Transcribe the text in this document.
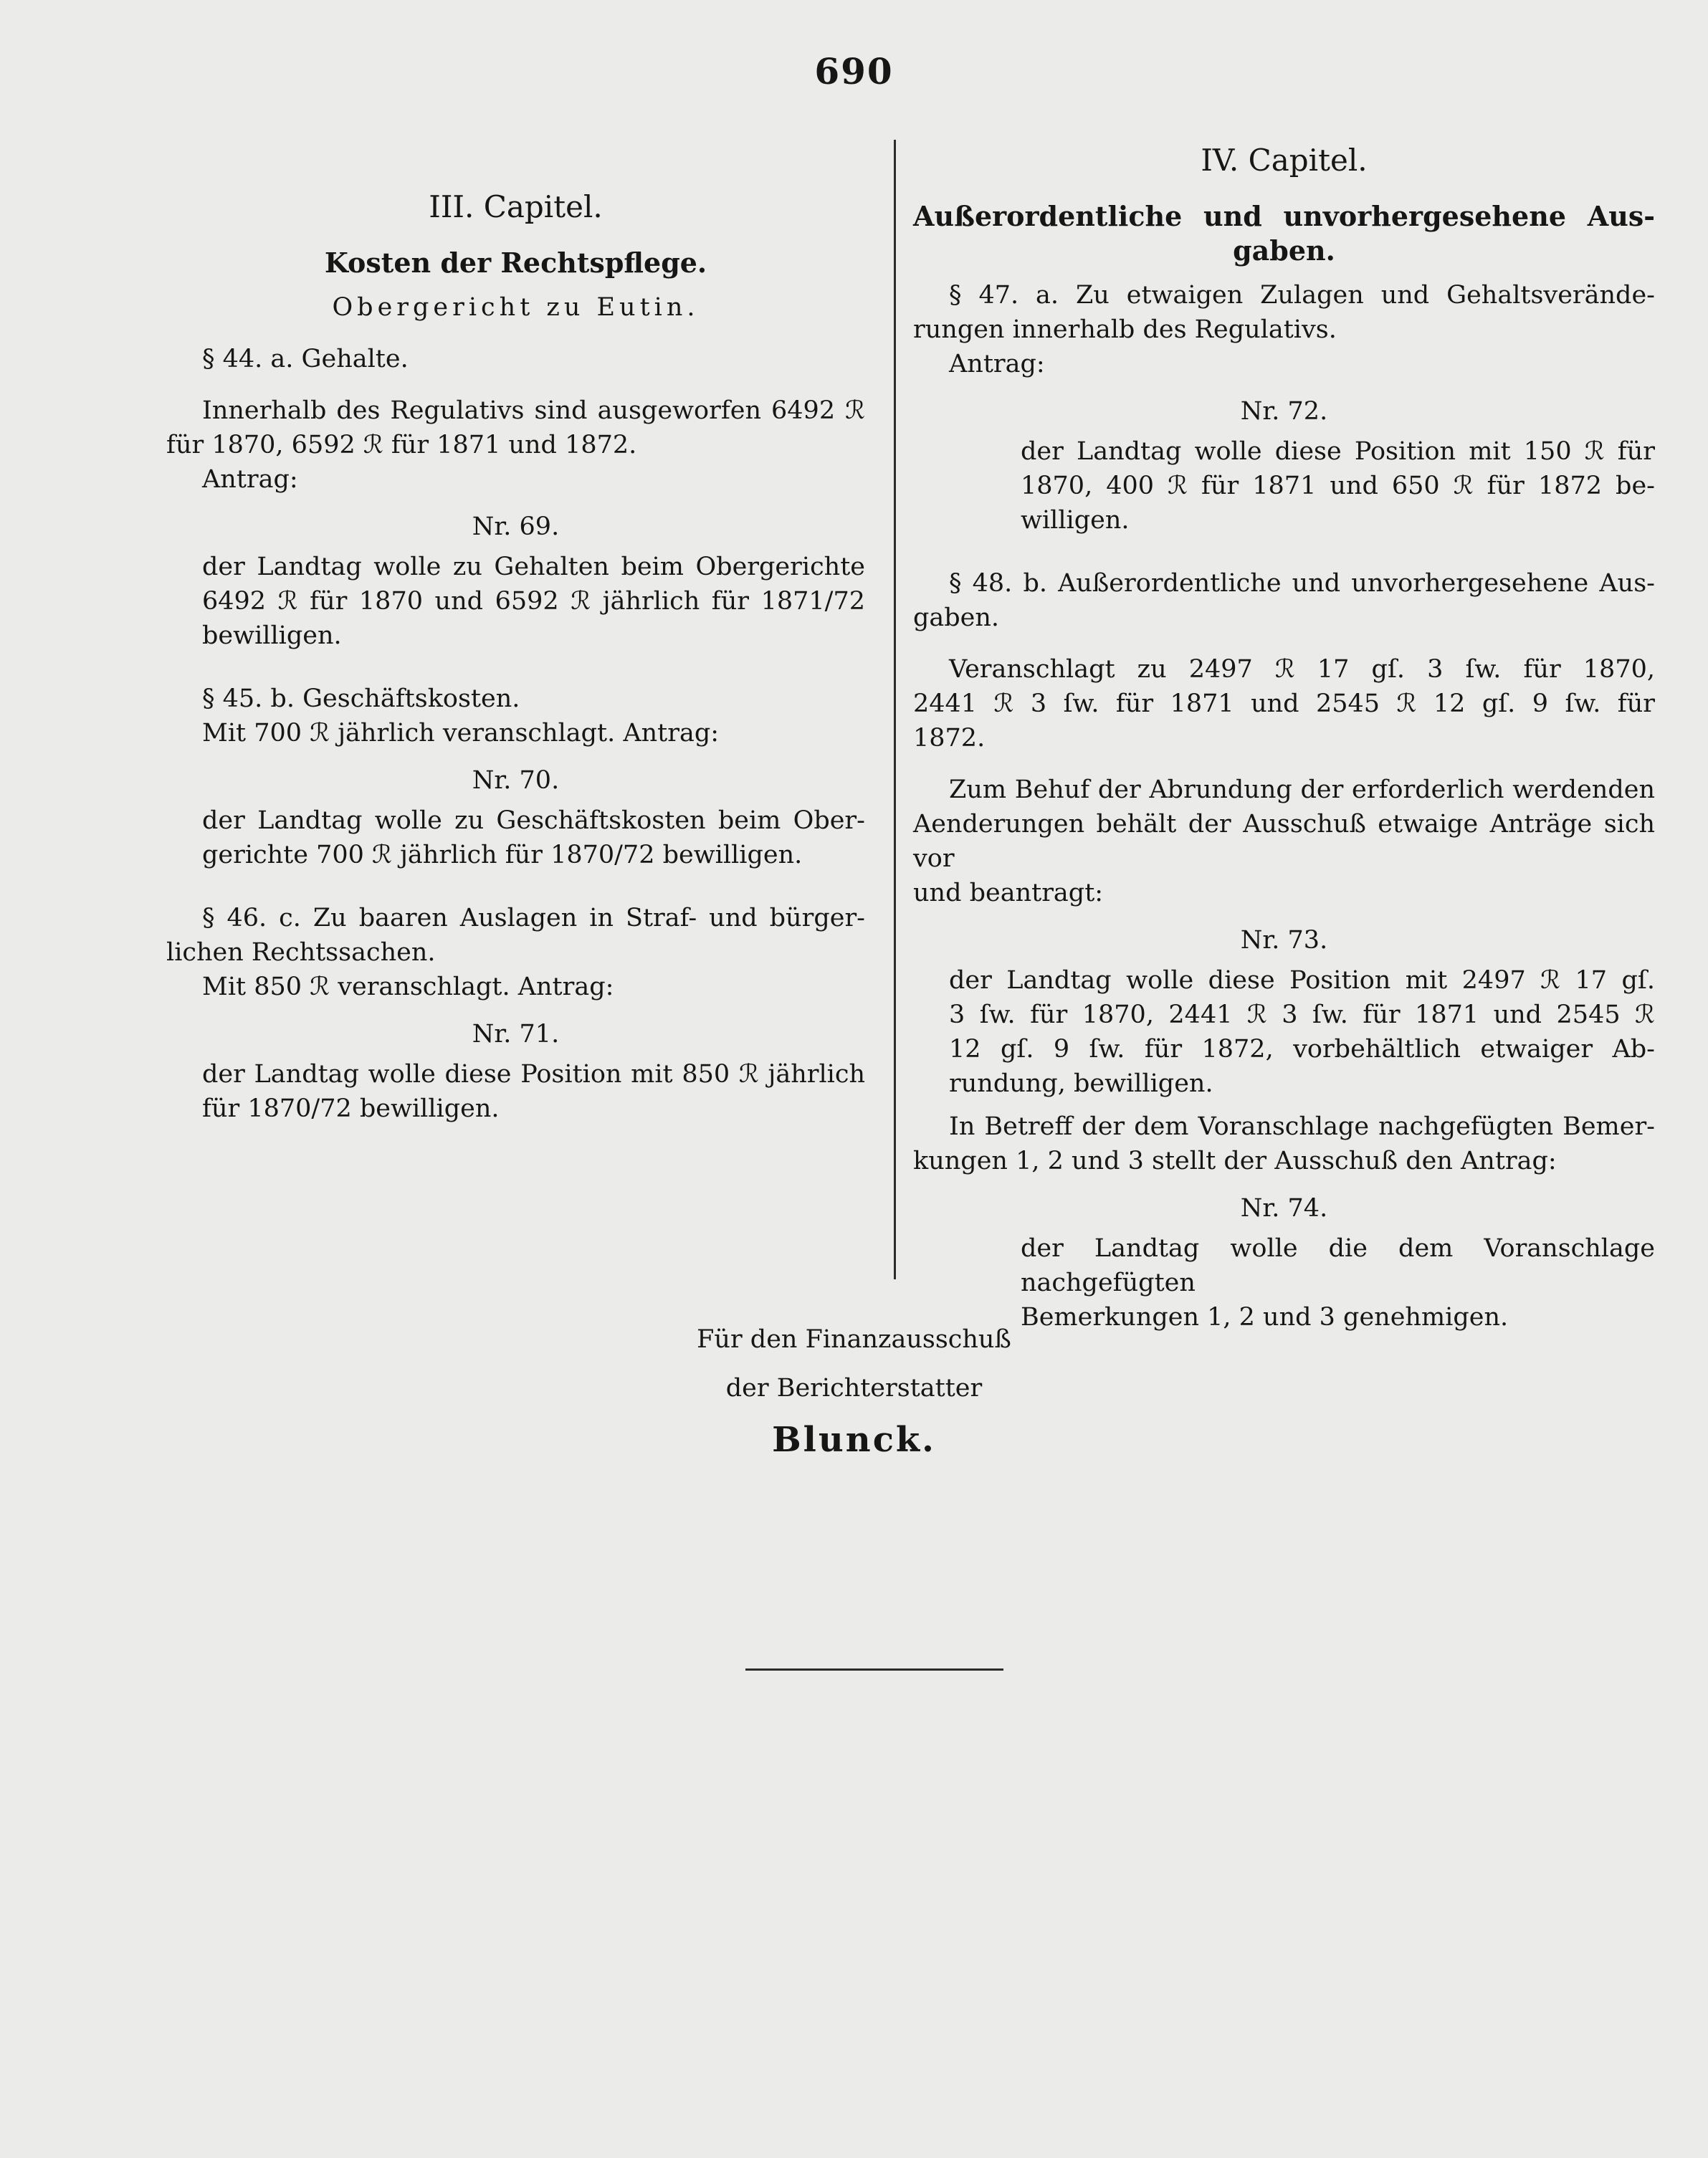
690

III. Capitel.

Kosten der Rechtspflege.

Obergericht zu Eutin.

§ 44. a. Gehalte.

Innerhalb des Regulativs sind ausgeworfen 6492 ℛ

für 1870, 6592 ℛ für 1871 und 1872.

Antrag:

Nr. 69.

der Landtag wolle zu Gehalten beim Obergerichte

6492 ℛ für 1870 und 6592 ℛ jährlich für 1871/72

bewilligen.

§ 45. b. Geschäftskosten.

Mit 700 ℛ jährlich veranschlagt. Antrag:

Nr. 70.

der Landtag wolle zu Geschäftskosten beim Ober-

gerichte 700 ℛ jährlich für 1870/72 bewilligen.

§ 46. c. Zu baaren Auslagen in Straf- und bürger-

lichen Rechtssachen.

Mit 850 ℛ veranschlagt. Antrag:

Nr. 71.

der Landtag wolle diese Position mit 850 ℛ jährlich

für 1870/72 bewilligen.

IV. Capitel.

Außerordentliche und unvorhergesehene Aus-

gaben.

§ 47. a. Zu etwaigen Zulagen und Gehaltsverände-

rungen innerhalb des Regulativs.

Antrag:

Nr. 72.

der Landtag wolle diese Position mit 150 ℛ für

1870, 400 ℛ für 1871 und 650 ℛ für 1872 be-

willigen.

§ 48. b. Außerordentliche und unvorhergesehene Aus-

gaben.

Veranschlagt zu 2497 ℛ 17 gſ. 3 ſw. für 1870,

2441 ℛ 3 ſw. für 1871 und 2545 ℛ 12 gſ. 9 ſw. für

1872.

Zum Behuf der Abrundung der erforderlich werdenden

Aenderungen behält der Ausschuß etwaige Anträge sich vor

und beantragt:

Nr. 73.

der Landtag wolle diese Position mit 2497 ℛ 17 gſ.

3 ſw. für 1870, 2441 ℛ 3 ſw. für 1871 und 2545 ℛ

12 gſ. 9 ſw. für 1872, vorbehältlich etwaiger Ab-

rundung, bewilligen.

In Betreff der dem Voranschlage nachgefügten Bemer-

kungen 1, 2 und 3 stellt der Ausschuß den Antrag:

Nr. 74.

der Landtag wolle die dem Voranschlage nachgefügten

Bemerkungen 1, 2 und 3 genehmigen.

Für den Finanzausschuß
der Berichterstatter
Blunck.
